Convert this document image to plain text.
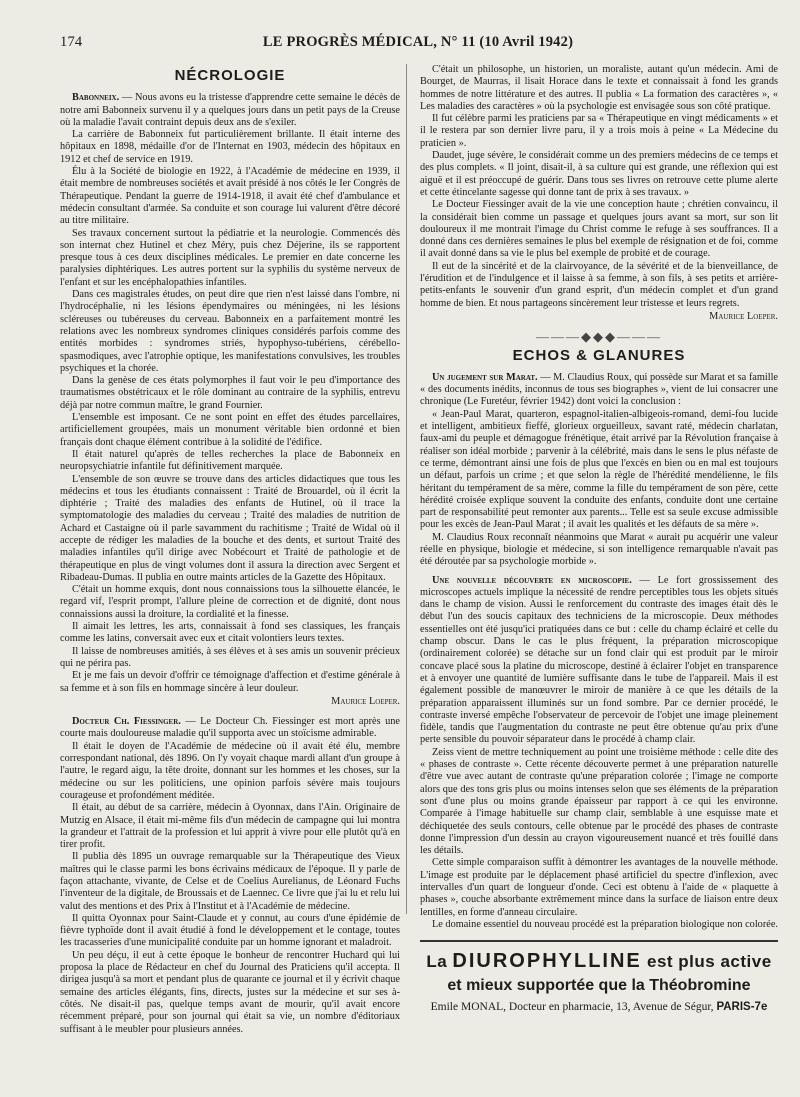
174	LE PROGRÈS MÉDICAL, N° 11 (10 Avril 1942)
NÉCROLOGIE

Babonneix. — Nous avons eu la tristesse d'apprendre cette semaine le décès de notre ami Babonneix survenu il y a quelques jours dans un petit pays de la Creuse où la maladie l'avait contraint depuis deux ans de s'exiler.

La carrière de Babonneix fut particulièrement brillante. Il était interne des hôpitaux en 1898, médaille d'or de l'Internat en 1903, médecin des hôpitaux en 1912 et chef de service en 1919.

Élu à la Société de biologie en 1922, à l'Académie de médecine en 1939, il était membre de nombreuses sociétés et avait présidé à nos côtés le Ier Congrès de Thérapeutique. Pendant la guerre de 1914-1918, il avait été chef d'ambulance et médecin consultant d'armée. Sa conduite et son courage lui valurent d'être décoré au titre militaire.

Ses travaux concernent surtout la pédiatrie et la neurologie. Commencés dès son internat chez Hutinel et chez Méry, puis chez Déjerine, ils se rapportent presque tous à ces deux disciplines médicales. Le premier en date concerne les paralysies diphtériques. Les autres portent sur la syphilis du système nerveux de l'enfant et sur les encéphalopathies infantiles.

Dans ces magistrales études, on peut dire que rien n'est laissé dans l'ombre, ni l'hydrocéphalie, ni les lésions épendymaires ou méningées, ni les lésions scléreuses ou tubéreuses du cerveau. Babonneix en a parfaitement montré les relations avec les nombreux syndromes cliniques considérés parfois comme des entités morbides : syndromes striés, hypophyso-tubériens, cérébello-spasmodiques, avec l'atrophie optique, les manifestations convulsives, les troubles psychiques et la chorée.

Dans la genèse de ces états polymorphes il faut voir le peu d'importance des traumatismes obstétricaux et le rôle dominant au contraire de la syphilis, entrevu déjà par notre commun maître, le grand Fournier.

L'ensemble est imposant. Ce ne sont point en effet des études parcellaires, artificiellement groupées, mais un monument véritable bien ordonné et bien français dont chaque élément contribue à la solidité de l'édifice.

Il était naturel qu'après de telles recherches la place de Babonneix en neuropsychiatrie infantile fut définitivement marquée.

L'ensemble de son œuvre se trouve dans des articles didactiques que tous les médecins et tous les étudiants connaissent : Traité de Brouardel, où il écrit la diphtérie ; Traité des maladies des enfants de Hutinel, où il trace la symptomatologie des maladies du cerveau ; Traité des maladies de nutrition de Achard et Castaigne où il parle savamment du rachitisme ; Traité de Widal où il accepte de rédiger les maladies de la bouche et des dents, et surtout Traité des maladies infantiles qu'il dirige avec Nobécourt et Traité de pathologie et de thérapeutique en plus de vingt volumes dont il assura la direction avec Sergent et Ribadeau-Dumas. Il publia en outre maints articles de la Gazette des Hôpitaux.

C'était un homme exquis, dont nous connaissions tous la silhouette élancée, le regard vif, l'esprit prompt, l'allure pleine de correction et de dignité, dont nous connaissions aussi la droiture, la cordialité et la finesse.

Il aimait les lettres, les arts, connaissait à fond ses classiques, les français comme les latins, conversait avec eux et citait volontiers leurs textes.

Il laisse de nombreuses amitiés, à ses élèves et à ses amis un souvenir précieux qui ne périra pas.

Et je me fais un devoir d'offrir ce témoignage d'affection et d'estime générale à sa femme et à son fils en hommage sincère à leur douleur.

Maurice Loeper.

Docteur Ch. Fiessinger. — Le Docteur Ch. Fiessinger est mort après une courte mais douloureuse maladie qu'il supporta avec un stoïcisme admirable.

Il était le doyen de l'Académie de médecine où il avait été élu, membre correspondant national, dès 1896. On l'y voyait chaque mardi allant d'un groupe à l'autre, le regard aigu, la tête droite, donnant sur les hommes et les choses, sur la médecine ou sur les politiciens, une opinion parfois sévère mais toujours courageuse et profondément méditée.

Il était, au début de sa carrière, médecin à Oyonnax, dans l'Ain. Originaire de Mutzig en Alsace, il était mi-même fils d'un médecin de campagne qui lui montra la grandeur et l'attrait de la profession et lui apprit à vivre pour elle plutôt qu'à en tirer profit.

Il publia dès 1895 un ouvrage remarquable sur la Thérapeutique des Vieux maîtres qui le classe parmi les bons écrivains médicaux de l'époque. Il y parle de façon attachante, vivante, de Celse et de Coelius Aurelianus, de Léonard Fuchs l'inventeur de la digitale, de Broussais et de Laennec. Ce livre que j'ai lu et relu lui valut des mentions et des Prix à l'Institut et à l'Académie de médecine.

Il quitta Oyonnax pour Saint-Claude et y connut, au cours d'une épidémie de fièvre typhoïde dont il avait étudié à fond le développement et le contage, toutes les tracasseries d'une municipalité conduite par un homme ignorant et maladroit.

Un peu déçu, il eut à cette époque le bonheur de rencontrer Huchard qui lui proposa la place de Rédacteur en chef du Journal des Praticiens qu'il accepta. Il dirigea jusqu'à sa mort et pendant plus de quarante ce journal et il y écrivit chaque semaine des articles élégants, fins, directs, justes sur la médecine et sur ses à-côtés. Ne disait-il pas, quelque temps avant de mourir, qu'il avait encore récemment préparé, pour son journal qui était sa vie, un nombre d'éditoriaux suffisant à le meubler pour plusieurs années.

C'était un philosophe, un historien, un moraliste, autant qu'un médecin. Ami de Bourget, de Maurras, il lisait Horace dans le texte et connaissait à fond les grands hommes de notre littérature et des autres. Il publia « La formation des caractères », « Les maladies des caractères » où la psychologie est envisagée sous son côté pratique.

Il fut célèbre parmi les praticiens par sa « Thérapeutique en vingt médicaments » et il le restera par son dernier livre paru, il y a trois mois à peine « La Médecine du praticien ».

Daudet, juge sévère, le considérait comme un des premiers médecins de ce temps et des plus complets. « Il joint, disait-il, à sa culture qui est grande, une réflexion qui est aiguë et il est préoccupé de guérir. Dans tous ses livres on retrouve cette plume alerte et cette étincelante sagesse qui donne tant de prix à ses travaux. »

Le Docteur Fiessinger avait de la vie une conception haute ; chrétien convaincu, il la considérait bien comme un passage et quelques jours avant sa mort, sur son lit douloureux il me montrait l'image du Christ comme le refuge à ses souffrances. Il a donné dans ces dernières semaines le plus bel exemple de résignation et de foi, comme il avait donné dans sa vie le plus bel exemple de probité et de courage.

Il eut de la sincérité et de la clairvoyance, de la sévérité et de la bienveillance, de l'érudition et de l'indulgence et il laisse à sa femme, à son fils, à ses petits et arrière-petits-enfants le souvenir d'un grand esprit, d'un médecin complet et d'un grand homme de bien. Et nous partageons sincèrement leur tristesse et leurs regrets.

Maurice Loeper.
———◆◆◆———
ECHOS & GLANURES

Un jugement sur Marat. — M. Claudius Roux, qui possède sur Marat et sa famille « des documents inédits, inconnus de tous ses biographes », vient de lui consacrer une chronique (Le Furetéur, février 1942) dont voici la conclusion :

« Jean-Paul Marat, quarteron, espagnol-italien-albigeois-romand, demi-fou lucide et intelligent, ambitieux fieffé, glorieux orgueilleux, savant raté, médecin charlatan, faux-ami du peuple et démagogue frénétique, était arrivé par la Révolution française à réaliser son idéal morbide ; parvenir à la célébrité, mais dans le sens le plus néfaste de ce terme, démontrant ainsi une fois de plus que l'excès en bien ou en mal est toujours un défaut, parfois un crime ; et que selon la règle de l'hérédité mendélienne, le fils héritant du tempérament de sa mère, comme la fille du tempérament de son père, cette hérédité croisée explique souvent la conduite des enfants, conduite dont une certaine part de responsabilité peut remonter aux parents... Telle est sa seule excuse admissible pour les excès de Jean-Paul Marat ; il avait les qualités et les défauts de sa mère ».

M. Claudius Roux reconnaît néanmoins que Marat « aurait pu acquérir une valeur réelle en physique, biologie et médecine, si son intelligence remarquable n'avait pas été déroutée par sa psychologie morbide ».

Une nouvelle découverte en microscopie. — Le fort grossissement des microscopes actuels implique la nécessité de rendre perceptibles tous les objets situés dans le champ de vision. Aussi le renforcement du contraste des images était dès le début l'un des soucis capitaux des techniciens de la microscopie. Deux méthodes essentielles ont été jusqu'ici pratiquées dans ce but : celle du champ éclairé et celle du champ obscur. Dans le cas le plus fréquent, la préparation microscopique (ordinairement colorée) se détache sur un fond clair qui est produit par le miroir concave placé sous la platine du microscope, destiné à éclairer l'objet en transparence et à envoyer une quantité de lumière suffisante dans le tube de l'appareil. Mais il est également possible de manœuvrer le miroir de manière à ce que les détails de la préparation apparaissent illuminés sur un fond sombre. Par ce dernier procédé, le contraste inversé empêche l'observateur de percevoir de l'objet une image pleinement fidèle, tandis que l'augmentation du contraste ne peut être obtenue qu'au prix d'une perte sensible du pouvoir séparateur dans le procédé à champ clair.

Zeiss vient de mettre techniquement au point une troisième méthode : celle dite des « phases de contraste ». Cette récente découverte permet à une préparation naturelle d'être vue avec autant de contraste qu'une préparation colorée ; l'image ne comporte alors que des tons gris plus ou moins intenses selon que ses éléments de la préparation sont d'une plus ou moins grande épaisseur par rapport à ce qui les environne. Comparée à l'image habituelle sur champ clair, semblable à une esquisse mate et déchiquetée des seuls contours, celle obtenue par le procédé des phases de contraste donne l'impression d'un dessin au crayon vigoureusement nuancé et très fouillé dans les détails.

Cette simple comparaison suffit à démontrer les avantages de la nouvelle méthode. L'image est produite par le déplacement phasé artificiel du spectre d'inflexion, avec intervalles d'un quart de longueur d'onde. Ceci est obtenu à l'aide de « plaquette à phases », couche absorbante extrêmement mince dans la surface de liaison entre deux lentilles, en forme d'anneau circulaire.

Le domaine essentiel du nouveau procédé est la préparation biologique non colorée.

La DIUROPHYLLINE est plus active
et mieux supportée que la Théobromine
Emile MONAL, Docteur en pharmacie, 13, Avenue de Ségur, PARIS-7e
